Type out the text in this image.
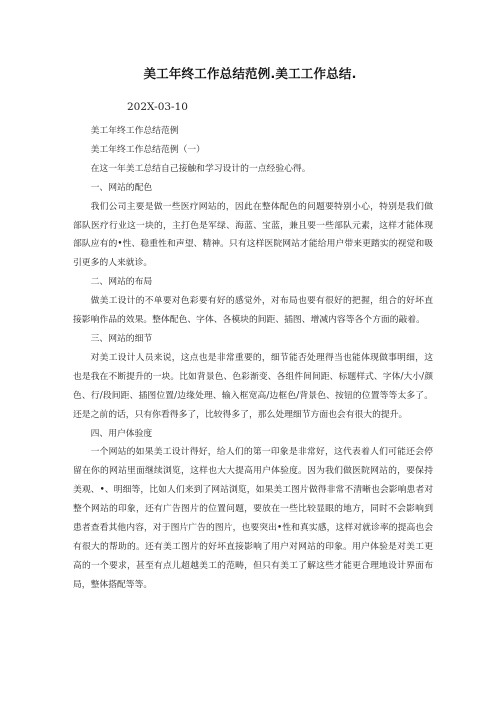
美工年终工作总结范例.美工工作总结.
202X-03-10

美工年终工作总结范例

美工年终工作总结范例（一）

在这一年美工总结自己接触和学习设计的一点经验心得。

一、网站的配色

我们公司主要是做一些医疗网站的，因此在整体配色的问题要特别小心，特别是我们做部队医疗行业这一块的，主打色是军绿、海蓝、宝蓝，兼且要一些部队元素，这样才能体现部队应有的•性、稳重性和声望、精神。只有这样医院网站才能给用户带来更踏实的视觉和吸引更多的人来就诊。

二、网站的布局

做美工设计的不单要对色彩要有好的感觉外，对布局也要有很好的把握，组合的好坏直接影响作品的效果。整体配色、字体、各模块的间距、插图、增减内容等各个方面的敲着。

三、网站的细节

对美工设计人员来说，这点也是非常重要的，细节能否处理得当也能体现做事明细，这也是我在不断提升的一块。比如背景色、色彩渐变、各组件间间距、标题样式、字体/大小/颜色、行/段间距、插图位置/边缘处理、输入框宽高/边框色/背景色、按钮的位置等等太多了。还是之前的话，只有你看得多了，比较得多了，那么处理细节方面也会有很大的提升。

四、用户体验度

一个网站的如果美工设计得好，给人们的第一印象是非常好，这代表着人们可能还会停留在你的网站里面继续浏览，这样也大大提高用户体验度。因为我们做医院网站的，要保持美观、•、明细等，比如人们来到了网站浏览，如果美工图片做得非常不清晰也会影响患者对整个网站的印象，还有广告图片的位置问题，要放在一些比较显眼的地方，同时不会影响到患者查看其他内容，对于图片广告的图片，也要突出•性和真实感，这样对就诊率的提高也会有很大的帮助的。还有美工图片的好坏直接影响了用户对网站的印象。用户体验是对美工更高的一个要求，甚至有点儿超越美工的范畴，但只有美工了解这些才能更合理地设计界面布局，整体搭配等等。
